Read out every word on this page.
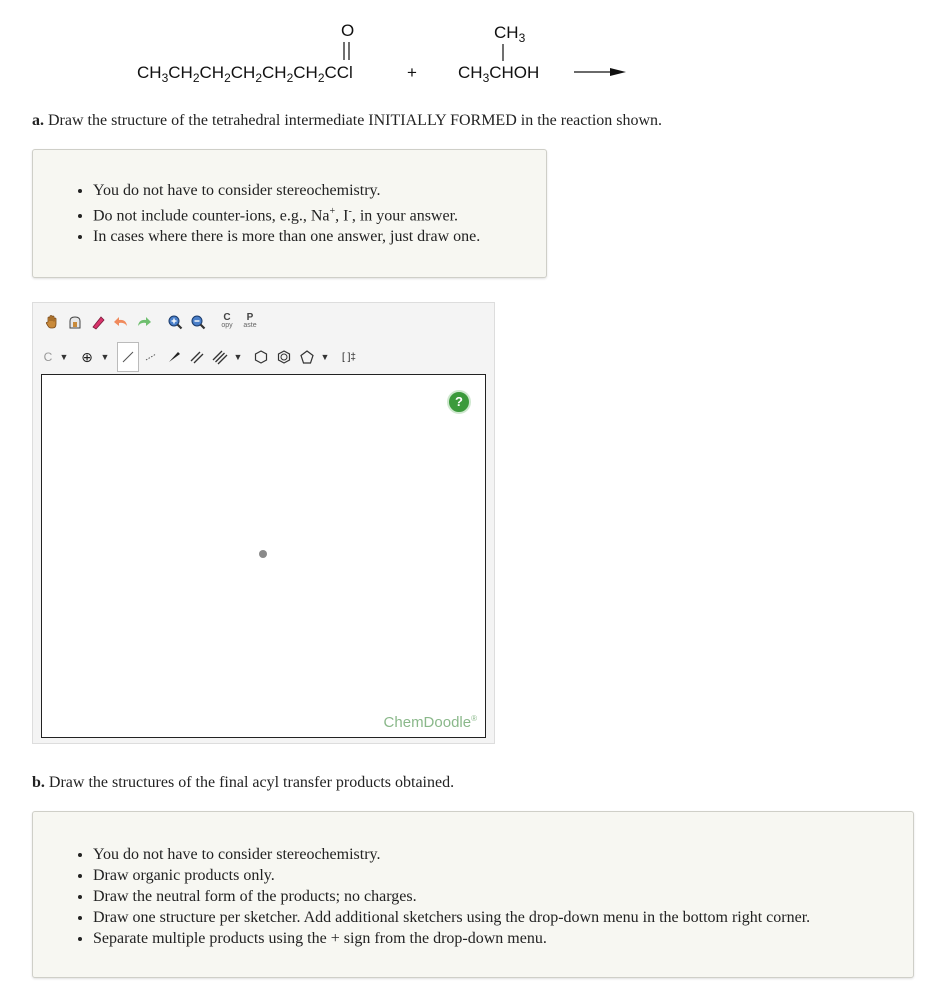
$CH_3CH_2CH_2CH_2CH_2CH_2CCl$
O
+
$CH_3$
$CH_3CHOH$
a. Draw the structure of the tetrahedral intermediate INITIALLY FORMED in the reaction shown.
• You do not have to consider stereochemistry.
• Do not include counter-ions, e.g., Na+, I-, in your answer.
• In cases where there is more than one answer, just draw one.
C
opy
P
aste
C ▼ ⊕ ▼	▼	▼	[ ]‡
?
ChemDoodle®
b. Draw the structures of the final acyl transfer products obtained.
• You do not have to consider stereochemistry.
• Draw organic products only.
• Draw the neutral form of the products; no charges.
• Draw one structure per sketcher. Add additional sketchers using the drop-down menu in the bottom right corner.
• Separate multiple products using the + sign from the drop-down menu.
